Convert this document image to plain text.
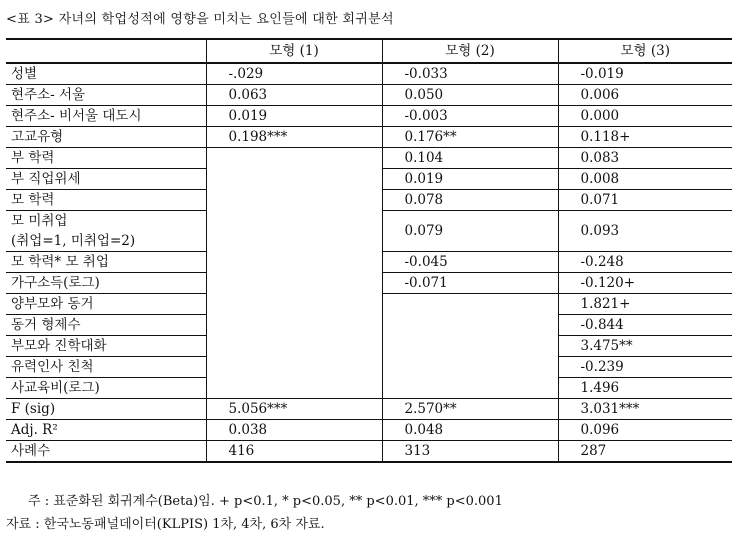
<표 3> 자녀의 학업성적에 영향을 미치는 요인들에 대한 회귀분석
	모형 (1)	모형 (2)	모형 (3)

성별	-.029	-0.033	-0.019

현주소- 서울	0.063	0.050	0.006

현주소- 비서울 대도시	0.019	-0.003	0.000

고교유형	0.198***	0.176**	0.118+

부 학력		0.104	0.083

부 직업위세		0.019	0.008

모 학력		0.078	0.071

모 미취업
(취업=1, 미취업=2)		0.079	0.093

모 학력* 모 취업		-0.045	-0.248

가구소득(로그)		-0.071	-0.120+

양부모와 동거			1.821+

동거 형제수			-0.844

부모와 진학대화			3.475**

유력인사 친척			-0.239

사교육비(로그)			1.496

F (sig)	5.056***	2.570**	3.031***

Adj. R²	0.038	0.048	0.096

사례수	416	313	287
주 : 표준화된 회귀계수(Beta)임. + p<0.1, * p<0.05, ** p<0.01, *** p<0.001
자료 : 한국노동패널데이터(KLPIS) 1차, 4차, 6차 자료.
